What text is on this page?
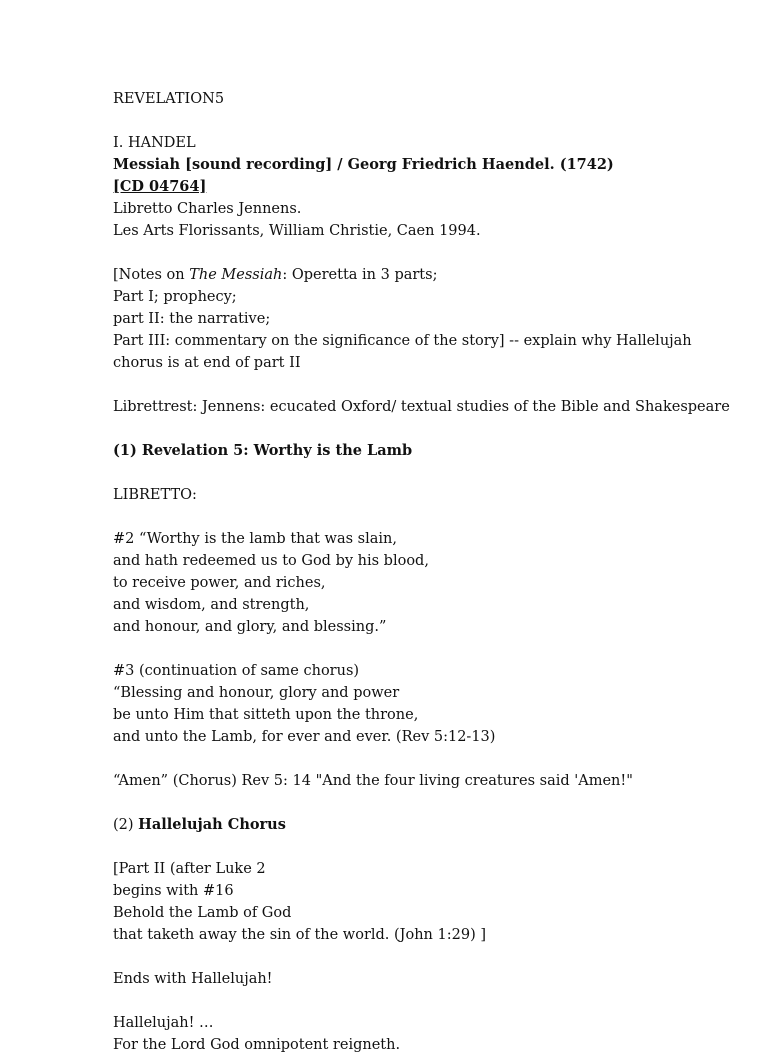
REVELATION5
I. HANDEL
Messiah [sound recording] / Georg Friedrich Haendel. (1742)
[CD 04764]
Libretto Charles Jennens.
Les Arts Florissants, William Christie, Caen 1994.
[Notes on The Messiah: Operetta in 3 parts;
Part I; prophecy;
part II: the narrative;
Part III: commentary on the significance of the story] -- explain why Hallelujah
chorus is at end of part II
Librettrest: Jennens: ecucated Oxford/ textual studies of the Bible and Shakespeare
(1) Revelation 5: Worthy is the Lamb
LIBRETTO:
#2 “Worthy is the lamb that was slain,
and hath redeemed us to God by his blood,
to receive power, and riches,
and wisdom, and strength,
and honour, and glory, and blessing.”
#3 (continuation of same chorus)
“Blessing and honour, glory and power
be unto Him that sitteth upon the throne,
and unto the Lamb, for ever and ever. (Rev 5:12-13)
“Amen” (Chorus) Rev 5: 14 "And the four living creatures said 'Amen!"
(2) Hallelujah Chorus
[Part II (after Luke 2
begins with #16
Behold the Lamb of God
that taketh away the sin of the world. (John 1:29) ]
Ends with Hallelujah!
Hallelujah! …
For the Lord God omnipotent reigneth.
